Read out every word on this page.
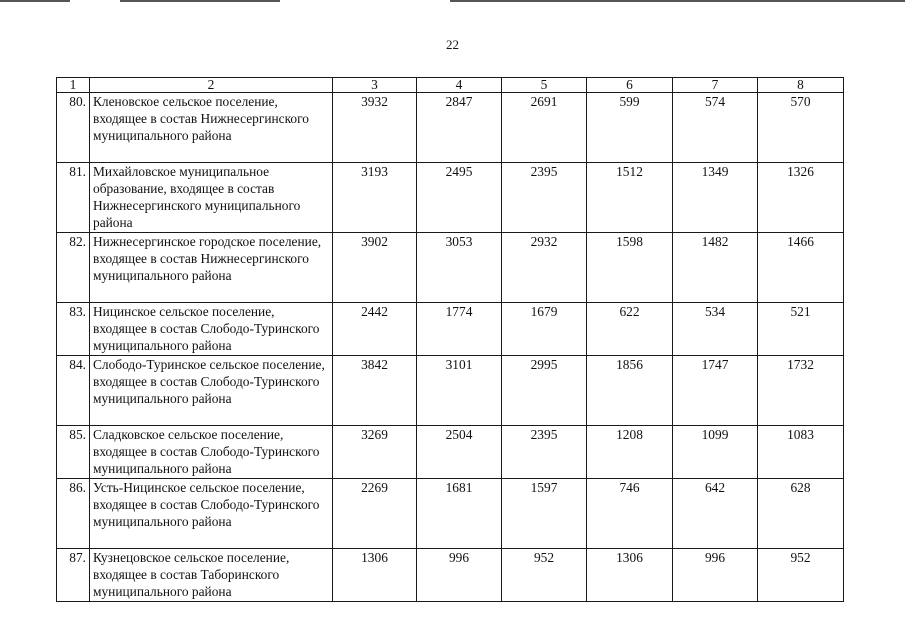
22
1	2	3	4	5	6	7	8
80.	Кленовское сельское поселение, входящее в состав Нижнесергинского муниципального района	3932	2847	2691	599	574	570
81.	Михайловское муниципальное образование, входящее в состав Нижнесергинского муниципального района	3193	2495	2395	1512	1349	1326
82.	Нижнесергинское городское поселение, входящее в состав Нижнесергинского муниципального района	3902	3053	2932	1598	1482	1466
83.	Ницинское сельское поселение, входящее в состав Слободо-Туринского муниципального района	2442	1774	1679	622	534	521
84.	Слободо-Туринское сельское поселение, входящее в состав Слободо-Туринского муниципального района	3842	3101	2995	1856	1747	1732
85.	Сладковское сельское поселение, входящее в состав Слободо-Туринского муниципального района	3269	2504	2395	1208	1099	1083
86.	Усть-Ницинское сельское поселение, входящее в состав Слободо-Туринского муниципального района	2269	1681	1597	746	642	628
87.	Кузнецовское сельское поселение, входящее в состав Таборинского муниципального района	1306	996	952	1306	996	952
